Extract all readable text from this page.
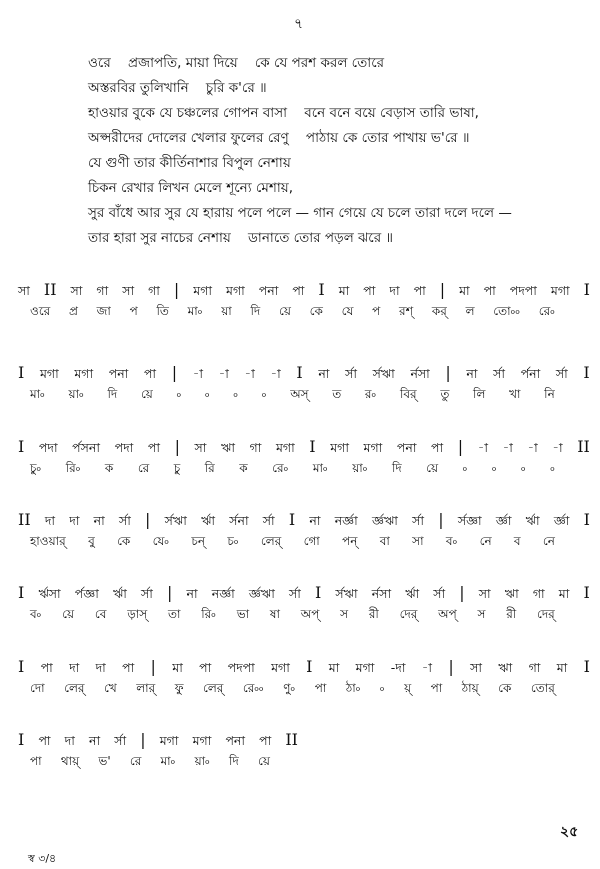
৭
ওরে    প্রজাপতি, মায়া দিয়ে    কে যে পরশ করল তোরে
অস্তরবির তুলিখানি    চুরি ক'রে ॥
হাওয়ার বুকে যে চঞ্চলের গোপন বাসা    বনে বনে বয়ে বেড়াস তারি ভাষা,
অপ্সরীদের দোলের খেলার ফুলের রেণু    পাঠায় কে তোর পাখায় ভ'রে ॥
যে গুণী তার কীর্তিনাশার বিপুল নেশায়
চিকন রেখার লিখন মেলে শূন্যে মেশায়,
সুর বাঁধে আর সুর যে হারায় পলে পলে — গান গেয়ে যে চলে তারা দলে দলে —
তার হারা সুর নাচের নেশায়    ডানাতে তোর পড়ল ঝরে ॥
সা II সা গা সা গা | মগা মগা পনা পা I মা পা দা পা | মা পা পদপা মগা I
ওরে প্র জা প তি মা৹ য়া দি য়ে কে যে প রশ্ কর্ ল তো৹৹ রে৹
I মগা মগা পনা পা | -া -া -া -া I না র্সা র্সঋা র্নসা | না র্সা র্পনা র্সা I
মা৹ য়া৹ দি য়ে ৹ ৹ ৹ ৹ অস্ ত র৹ বির্ তু লি খা নি
I পদা র্পসনা পদা পা | সা ঋা গা মগা I মগা মগা পনা পা | -া -া -া -া II
চু৹ রি৹ ক রে চু রি ক রে৹ মা৹ য়া৹ দি য়ে ৹ ৹ ৹ ৹
II দা দা না র্সা | র্সঋা র্ঋা র্সনা র্সা I না নর্জ্ঞা র্জ্ঞঋা র্সা | র্সজ্ঞা র্জ্ঞা র্ঋা র্জ্ঞা I
হাওয়ার্ বু কে যে৹ চন্ চ৹ লের্ গো পন্ বা সা ব৹ নে ব নে
I র্ঋসা র্পজ্ঞা র্ঋা র্সা | না নর্জ্ঞা র্জ্ঞঋা র্সা I র্সঋা র্নসা র্ঋা র্সা | সা ঋা গা মা I
ব৹ য়ে বে ড়াস্ তা রি৹ ভা ষা অপ্ স রী দের্ অপ্ স রী দের্
I পা দা দা পা | মা পা পদপা মগা I মা মগা -দা -া | সা ঋা গা মা I
দো লের্ খে লার্ ফু লের্ রে৹৹ ণু৹ পা ঠা৹ ৹ য়্ পা ঠায়্ কে তোর্
I পা দা না র্সা | মগা মগা পনা পা II
পা থায়্ ভ' রে মা৹ য়া৹ দি য়ে
২৫
স্ব ৩/৪
